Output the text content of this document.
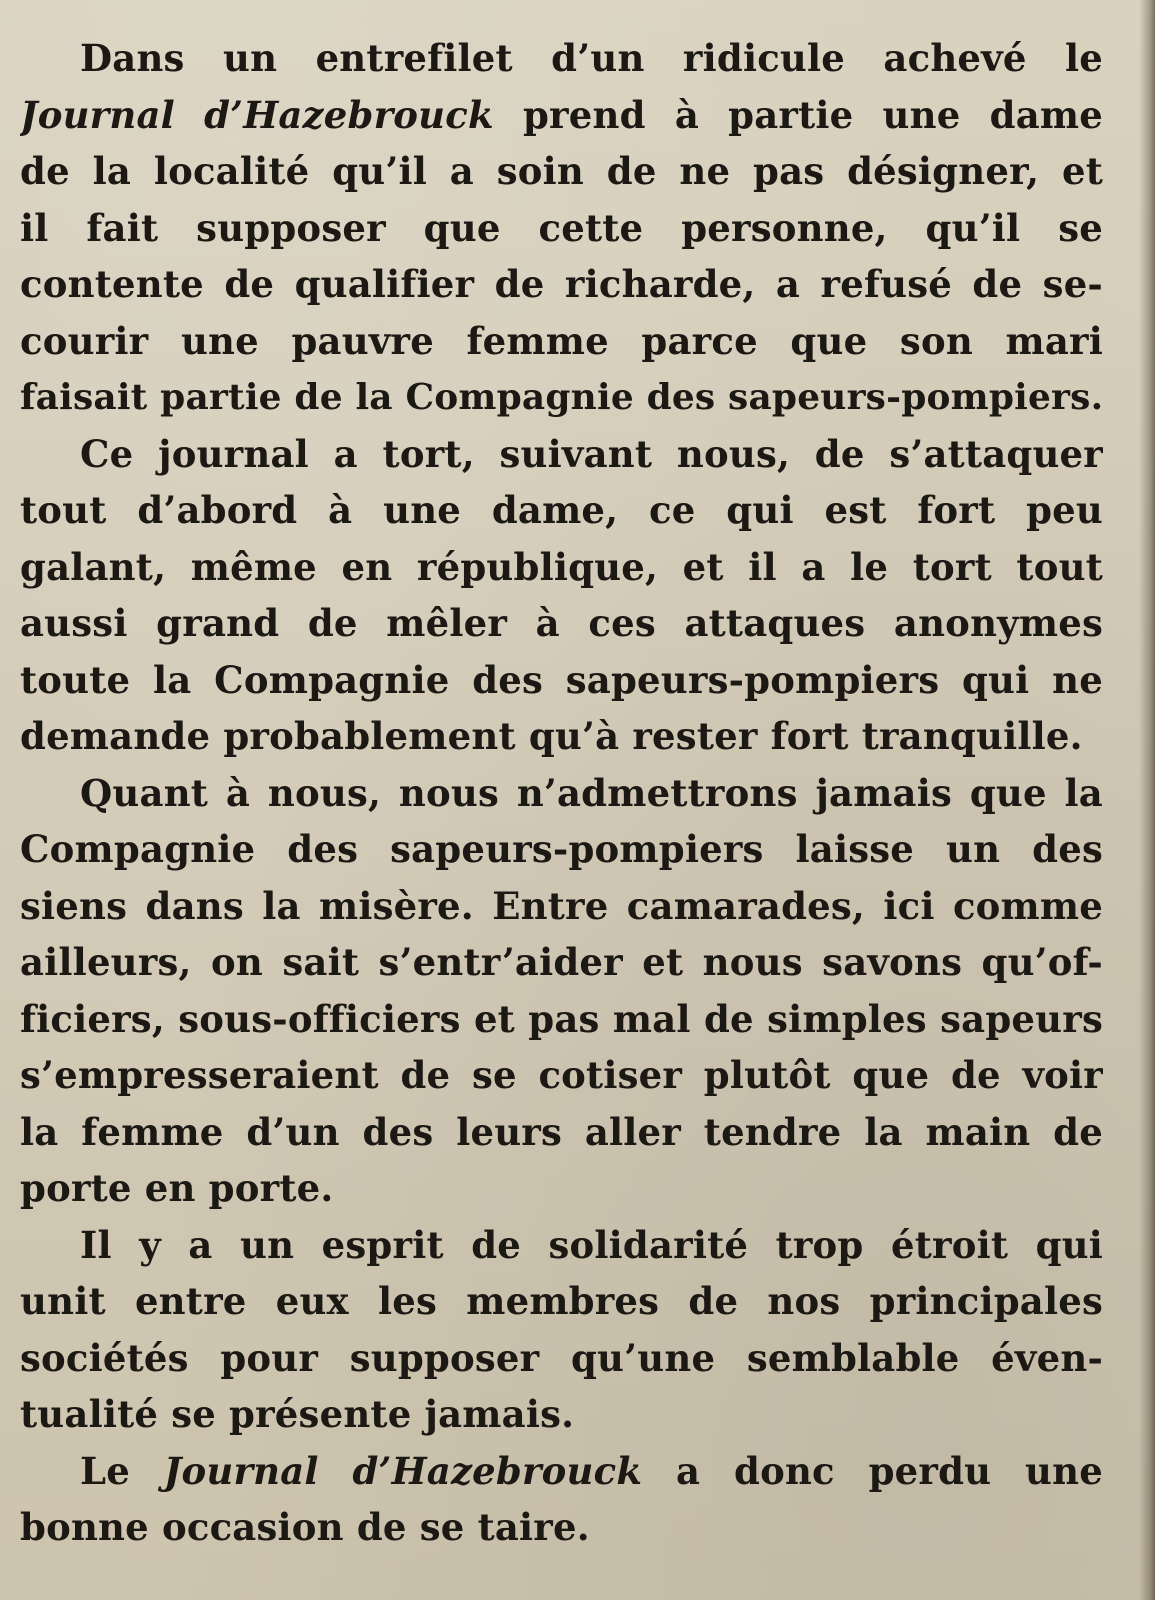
Dans un entrefilet d’un ridicule achevé le
Journal d’Hazebrouck prend à partie une dame
de la localité qu’il a soin de ne pas désigner, et
il fait supposer que cette personne, qu’il se
contente de qualifier de richarde, a refusé de se-
courir une pauvre femme parce que son mari
faisait partie de la Compagnie des sapeurs-pompiers.
Ce journal a tort, suivant nous, de s’attaquer
tout d’abord à une dame, ce qui est fort peu
galant, même en république, et il a le tort tout
aussi grand de mêler à ces attaques anonymes
toute la Compagnie des sapeurs-pompiers qui ne
demande probablement qu’à rester fort tranquille.
Quant à nous, nous n’admettrons jamais que la
Compagnie des sapeurs-pompiers laisse un des
siens dans la misère. Entre camarades, ici comme
ailleurs, on sait s’entr’aider et nous savons qu’of-
ficiers, sous-officiers et pas mal de simples sapeurs
s’empresseraient de se cotiser plutôt que de voir
la femme d’un des leurs aller tendre la main de
porte en porte.
Il y a un esprit de solidarité trop étroit qui
unit entre eux les membres de nos principales
sociétés pour supposer qu’une semblable éven-
tualité se présente jamais.
Le Journal d’Hazebrouck a donc perdu une
bonne occasion de se taire.
